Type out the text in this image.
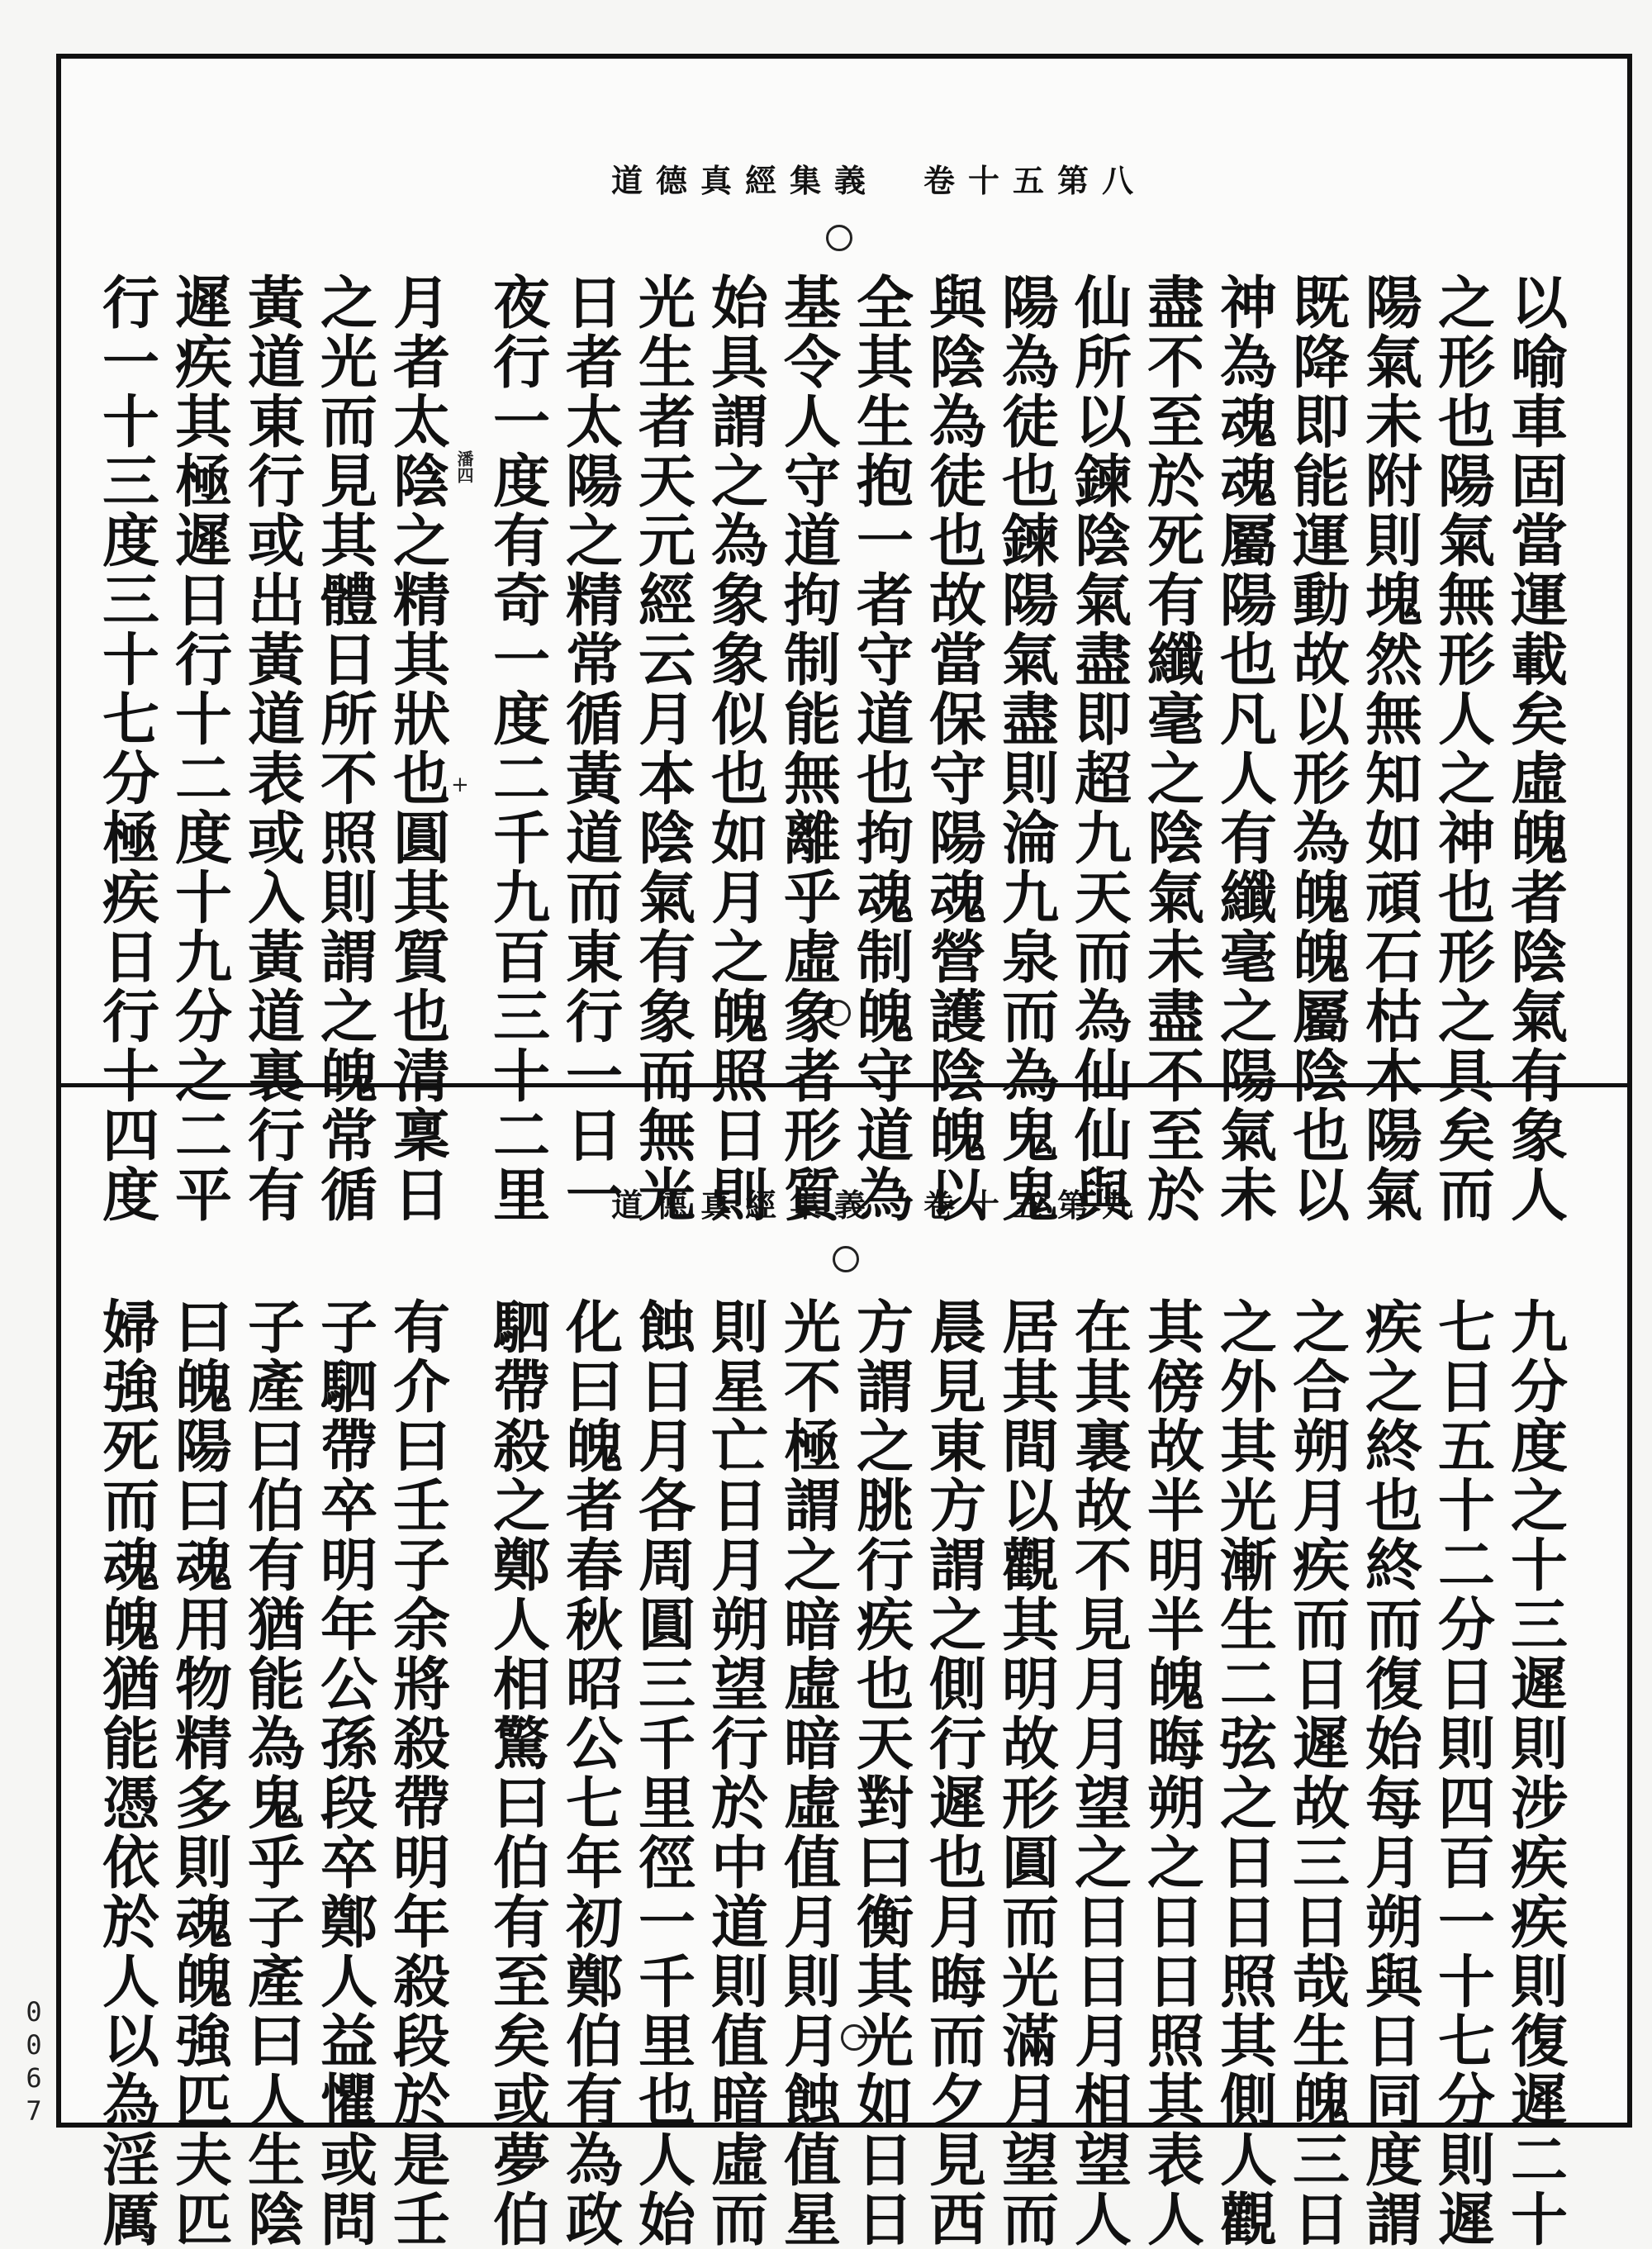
道德真經集義　卷十五第八
以喻車固當運載矣虛魄者陰氣有象人
之形也陽氣無形人之神也形之具矣而
陽氣未附則塊然無知如頑石枯木陽氣
既降即能運動故以形為魄魄屬陰也以
神為魂魂屬陽也凡人有纖毫之陽氣未
盡不至於死有纖毫之陰氣未盡不至於
仙所以鍊陰氣盡即超九天而為仙仙與
陽為徒也鍊陽氣盡則淪九泉而為鬼鬼
與陰為徒也故當保守陽魂營護陰魄以
全其生抱一者守道也拘魂制魄守道為
基令人守道拘制能無離乎虛象者形質
始具謂之為象象似也如月之魄照日則
光生者天元經云月本陰氣有象而無光
日者太陽之精常循黃道而東行一日一
夜行一度有奇一度二千九百三十二里
月者太陰之精其狀也圓其質也清稟日
之光而見其體日所不照則謂之魄常循
黃道東行或出黃道表或入黃道裏行有
遲疾其極遲日行十二度十九分之二平
行一十三度三十七分極疾日行十四度	潘四
+
道德真經集義　卷十五第九
九分度之十三遲則涉疾疾則復遲二十
七日五十二分日則四百一十七分則遲
疾之終也終而復始每月朔與日同度謂
之合朔月疾而日遲故三日哉生魄三日
之外其光漸生二弦之日日照其側人觀
其傍故半明半魄晦朔之日日照其表人
在其裏故不見月月望之日日月相望人
居其間以觀其明故形圓而光滿月望而
晨見東方謂之側行遲也月晦而夕見西
方謂之朓行疾也天對曰衡其光如日日
光不極謂之暗虛暗虛值月則月蝕值星
則星亡日月朔望行於中道則值暗虛而
蝕日月各周圓三千里徑一千里也人始
化曰魄者春秋昭公七年初鄭伯有為政
駟帶殺之鄭人相驚曰伯有至矣或夢伯
有介曰壬子余將殺帶明年殺段於是壬
子駟帶卒明年公孫段卒鄭人益懼或問
子產曰伯有猶能為鬼乎子產曰人生陰
曰魄陽曰魂用物精多則魂魄強匹夫匹
婦強死而魂魄猶能憑依於人以為淫厲
0067
